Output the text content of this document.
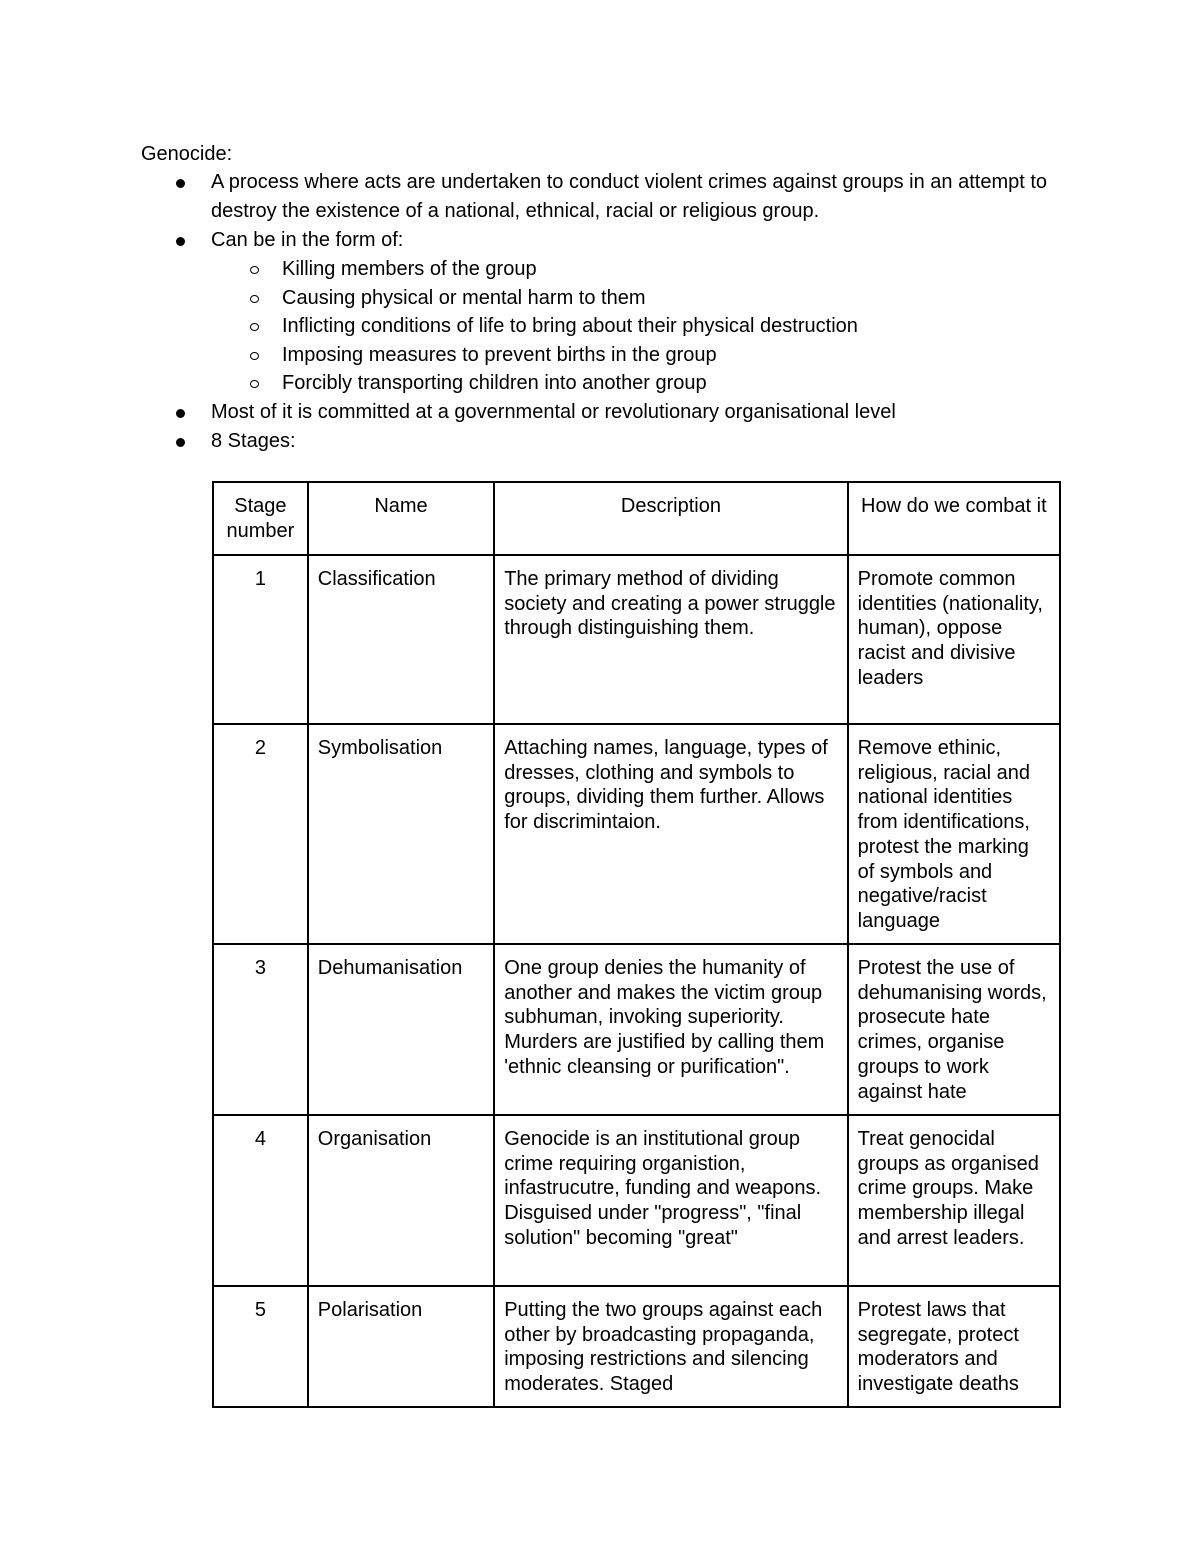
Genocide:

A process where acts are undertaken to conduct violent crimes against groups in an attempt to destroy the existence of a national, ethnical, racial or religious group.
Can be in the form of:
Killing members of the group
Causing physical or mental harm to them
Inflicting conditions of life to bring about their physical destruction
Imposing measures to prevent births in the group
Forcibly transporting children into another group
Most of it is committed at a governmental or revolutionary organisational level
8 Stages:
Stage number	Name	Description	How do we combat it
1	Classification	The primary method of dividing society and creating a power struggle through distinguishing them.	Promote common identities (nationality, human), oppose racist and divisive leaders
2	Symbolisation	Attaching names, language, types of dresses, clothing and symbols to groups, dividing them further. Allows for discrimintaion.	Remove ethinic, religious, racial and national identities from identifications, protest the marking of symbols and negative/racist language
3	Dehumanisation	One group denies the humanity of another and makes the victim group subhuman, invoking superiority. Murders are justified by calling them 'ethnic cleansing or purification".	Protest the use of dehumanising words, prosecute hate crimes, organise groups to work against hate
4	Organisation	Genocide is an institutional group crime requiring organistion, infastrucutre, funding and weapons. Disguised under "progress", "final solution" becoming "great"	Treat genocidal groups as organised crime groups. Make membership illegal and arrest leaders.
5	Polarisation	Putting the two groups against each other by broadcasting propaganda, imposing restrictions and silencing moderates. Staged	Protest laws that segregate, protect moderators and investigate deaths
